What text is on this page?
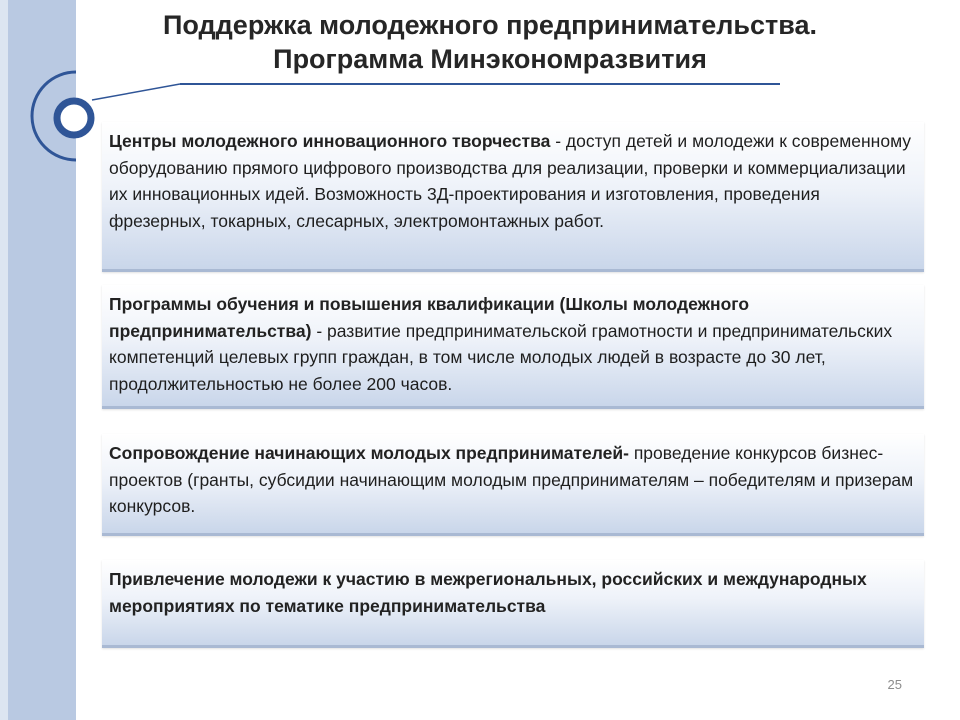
Поддержка молодежного предпринимательства.
Программа Минэкономразвития
Центры молодежного инновационного творчества - доступ детей и молодежи к современному оборудованию прямого цифрового производства для реализации, проверки и коммерциализации их инновационных идей. Возможность 3Д-проектирования и изготовления, проведения фрезерных, токарных, слесарных, электромонтажных работ.
Программы обучения и повышения квалификации (Школы молодежного предпринимательства) - развитие предпринимательской грамотности и предпринимательских компетенций целевых групп граждан, в том числе молодых людей в возрасте до 30 лет, продолжительностью не более 200 часов.
Сопровождение начинающих молодых предпринимателей- проведение конкурсов бизнес-проектов (гранты, субсидии начинающим молодым предпринимателям – победителям и призерам конкурсов.
Привлечение молодежи к участию в межрегиональных, российских и международных мероприятиях по тематике предпринимательства
25
